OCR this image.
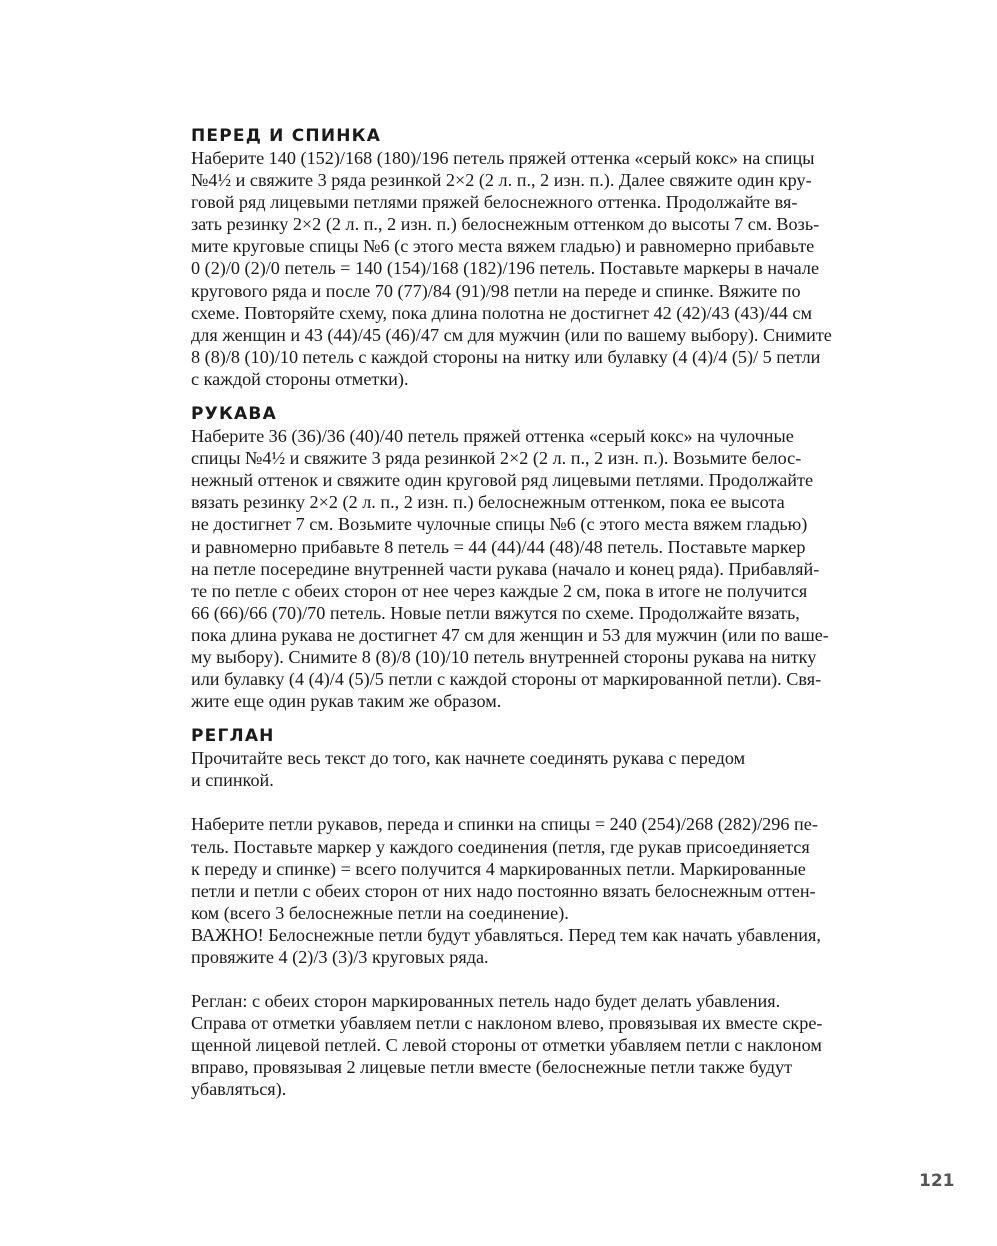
ПЕРЕД И СПИНКА

Наберите 140 (152)/168 (180)/196 петель пряжей оттенка «серый кокс» на спицы
№4½ и свяжите 3 ряда резинкой 2×2 (2 л. п., 2 изн. п.). Далее свяжите один кру-
говой ряд лицевыми петлями пряжей белоснежного оттенка. Продолжайте вя-
зать резинку 2×2 (2 л. п., 2 изн. п.) белоснежным оттенком до высоты 7 см. Возь-
мите круговые спицы №6 (с этого места вяжем гладью) и равномерно прибавьте
0 (2)/0 (2)/0 петель = 140 (154)/168 (182)/196 петель. Поставьте маркеры в начале
кругового ряда и после 70 (77)/84 (91)/98 петли на переде и спинке. Вяжите по
схеме. Повторяйте схему, пока длина полотна не достигнет 42 (42)/43 (43)/44 см
для женщин и 43 (44)/45 (46)/47 см для мужчин (или по вашему выбору). Снимите
8 (8)/8 (10)/10 петель с каждой стороны на нитку или булавку (4 (4)/4 (5)/ 5 петли
с каждой стороны отметки).

РУКАВА

Наберите 36 (36)/36 (40)/40 петель пряжей оттенка «серый кокс» на чулочные
спицы №4½ и свяжите 3 ряда резинкой 2×2 (2 л. п., 2 изн. п.). Возьмите белос-
нежный оттенок и свяжите один круговой ряд лицевыми петлями. Продолжайте
вязать резинку 2×2 (2 л. п., 2 изн. п.) белоснежным оттенком, пока ее высота
не достигнет 7 см. Возьмите чулочные спицы №6 (с этого места вяжем гладью)
и равномерно прибавьте 8 петель = 44 (44)/44 (48)/48 петель. Поставьте маркер
на петле посередине внутренней части рукава (начало и конец ряда). Прибавляй-
те по петле с обеих сторон от нее через каждые 2 см, пока в итоге не получится
66 (66)/66 (70)/70 петель. Новые петли вяжутся по схеме. Продолжайте вязать,
пока длина рукава не достигнет 47 см для женщин и 53 для мужчин (или по ваше-
му выбору). Снимите 8 (8)/8 (10)/10 петель внутренней стороны рукава на нитку
или булавку (4 (4)/4 (5)/5 петли с каждой стороны от маркированной петли). Свя-
жите еще один рукав таким же образом.

РЕГЛАН

Прочитайте весь текст до того, как начнете соединять рукава с передом
и спинкой.

Наберите петли рукавов, переда и спинки на спицы = 240 (254)/268 (282)/296 пе-
тель. Поставьте маркер у каждого соединения (петля, где рукав присоединяется
к переду и спинке) = всего получится 4 маркированных петли. Маркированные
петли и петли с обеих сторон от них надо постоянно вязать белоснежным оттен-
ком (всего 3 белоснежные петли на соединение).
ВАЖНО! Белоснежные петли будут убавляться. Перед тем как начать убавления,
провяжите 4 (2)/3 (3)/3 круговых ряда.

Реглан: с обеих сторон маркированных петель надо будет делать убавления.
Справа от отметки убавляем петли с наклоном влево, провязывая их вместе скре-
щенной лицевой петлей. С левой стороны от отметки убавляем петли с наклоном
вправо, провязывая 2 лицевые петли вместе (белоснежные петли также будут
убавляться).

121
